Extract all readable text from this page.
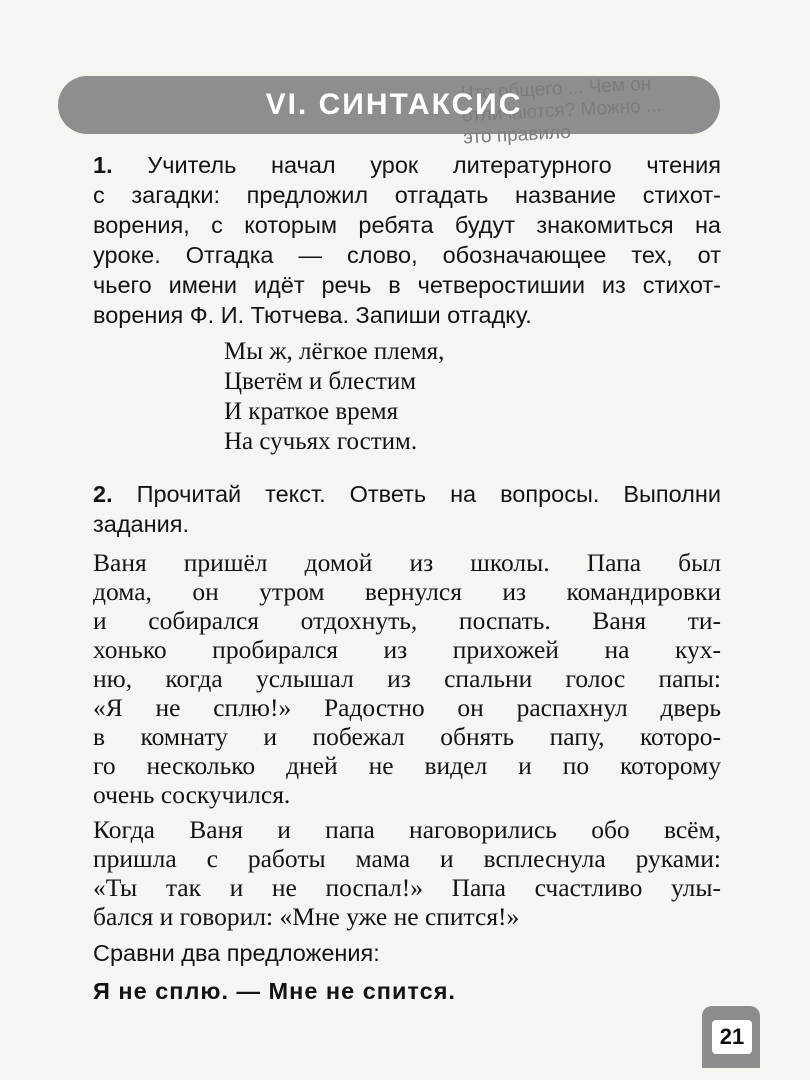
Что общего ... Чем он отличаются? Можно ... это правило
VI. СИНТАКСИС
1. Учитель начал урок литературного чтения
с загадки: предложил отгадать название стихот-
ворения, с которым ребята будут знакомиться на
уроке. Отгадка — слово, обозначающее тех, от
чьего имени идёт речь в четверостишии из стихот-
ворения Ф. И. Тютчева. Запиши отгадку.
Мы ж, лёгкое племя,
Цветём и блестим
И краткое время
На сучьях гостим.
2. Прочитай текст. Ответь на вопросы. Выполни
задания.
Ваня пришёл домой из школы. Папа был
дома, он утром вернулся из командировки
и собирался отдохнуть, поспать. Ваня ти-
хонько пробирался из прихожей на кух-
ню, когда услышал из спальни голос папы:
«Я не сплю!» Радостно он распахнул дверь
в комнату и побежал обнять папу, которо-
го несколько дней не видел и по которому
очень соскучился.
Когда Ваня и папа наговорились обо всём,
пришла с работы мама и всплеснула руками:
«Ты так и не поспал!» Папа счастливо улы-
бался и говорил: «Мне уже не спится!»
Сравни два предложения:
Я не сплю. — Мне не спится.
21
